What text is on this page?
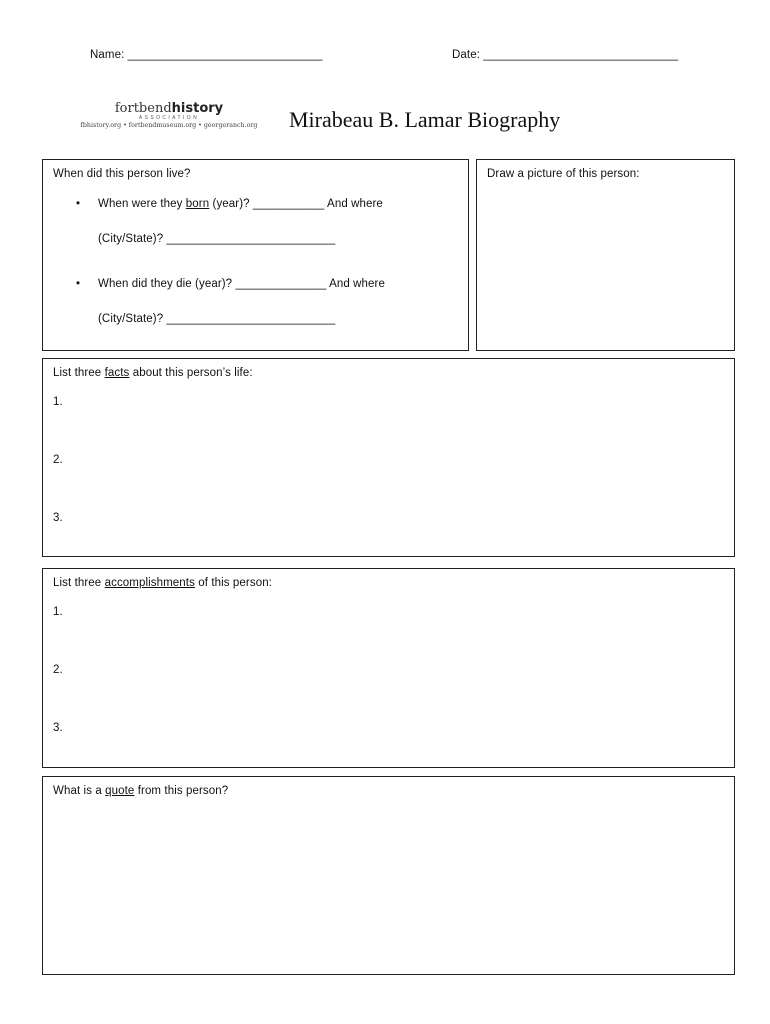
Name: ______________________________	Date: ______________________________
fortbendhistory
ASSOCIATION
fbhistory.org • fortbendmuseum.org • georgeranch.org	Mirabeau B. Lamar Biography
When did this person live?
• When were they born (year)? ___________ And where
(City/State)? __________________________
• When did they die (year)? ______________ And where
(City/State)? __________________________
Draw a picture of this person:
List three facts about this person’s life:
1.
2.
3.
List three accomplishments of this person:
1.
2.
3.
What is a quote from this person?
